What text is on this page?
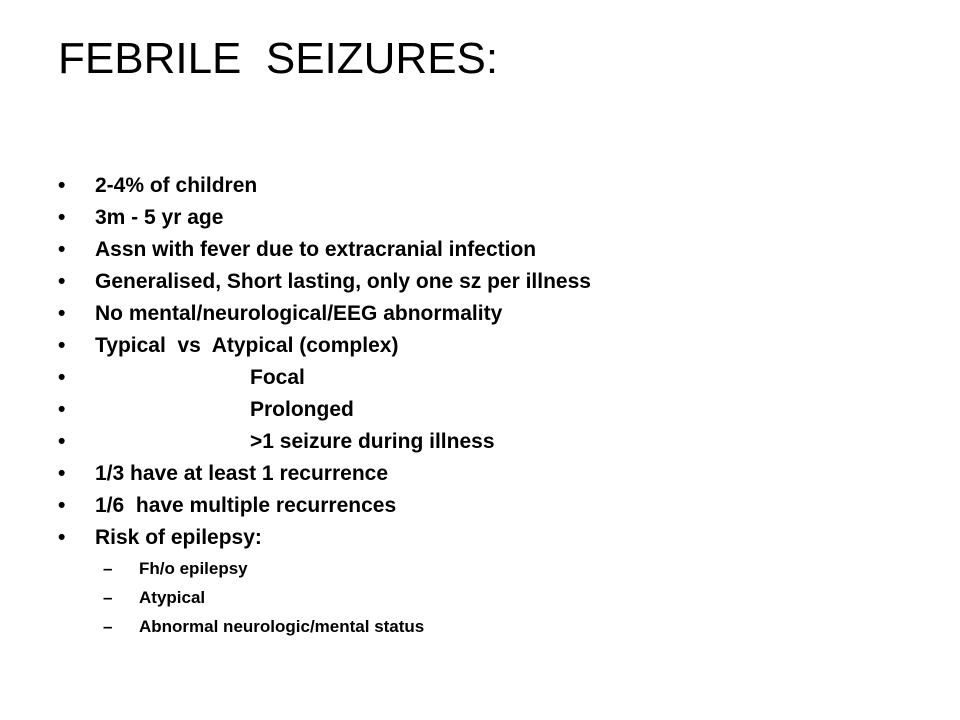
FEBRILE  SEIZURES:
•	2-4% of children
•	3m - 5 yr age
•	Assn with fever due to extracranial infection
•	Generalised, Short lasting, only one sz per illness
•	No mental/neurological/EEG abnormality
•	Typical  vs  Atypical (complex)
•	Focal
•	Prolonged
•	>1 seizure during illness
•	1/3 have at least 1 recurrence
•	1/6  have multiple recurrences
•	Risk of epilepsy:
–	Fh/o epilepsy
–	Atypical
–	Abnormal neurologic/mental status
